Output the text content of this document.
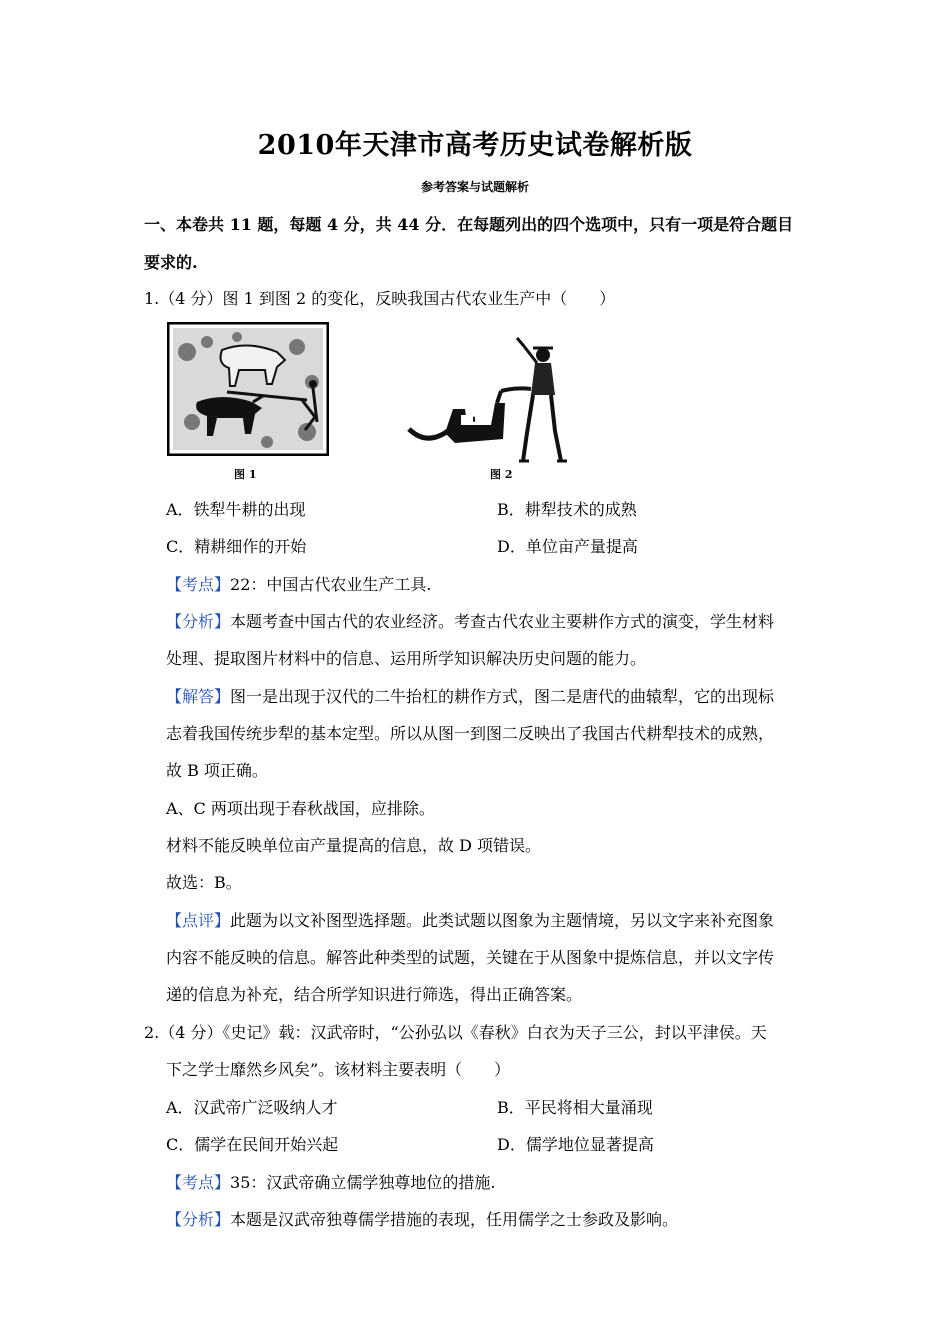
2010年天津市高考历史试卷解析版
参考答案与试题解析
一、本卷共 11 题，每题 4 分，共 44 分．在每题列出的四个选项中，只有一项是符合题目
要求的.
1.（4 分）图 1 到图 2 的变化，反映我国古代农业生产中（　　）
图 1	图 2
A．铁犁牛耕的出现	B．耕犁技术的成熟
C．精耕细作的开始	D．单位亩产量提高
【考点】22：中国古代农业生产工具.
【分析】本题考查中国古代的农业经济。考查古代农业主要耕作方式的演变，学生材料
处理、提取图片材料中的信息、运用所学知识解决历史问题的能力。
【解答】图一是出现于汉代的二牛抬杠的耕作方式，图二是唐代的曲辕犁，它的出现标
志着我国传统步犁的基本定型。所以从图一到图二反映出了我国古代耕犁技术的成熟，
故 B 项正确。
A、C 两项出现于春秋战国，应排除。
材料不能反映单位亩产量提高的信息，故 D 项错误。
故选：B。
【点评】此题为以文补图型选择题。此类试题以图象为主题情境，另以文字来补充图象
内容不能反映的信息。解答此种类型的试题，关键在于从图象中提炼信息，并以文字传
递的信息为补充，结合所学知识进行筛选，得出正确答案。
2.（4 分）《史记》载：汉武帝时，“公孙弘以《春秋》白衣为天子三公，封以平津侯。天
下之学士靡然乡风矣”。该材料主要表明（　　）
A．汉武帝广泛吸纳人才	B．平民将相大量涌现
C．儒学在民间开始兴起	D．儒学地位显著提高
【考点】35：汉武帝确立儒学独尊地位的措施.
【分析】本题是汉武帝独尊儒学措施的表现，任用儒学之士参政及影响。
